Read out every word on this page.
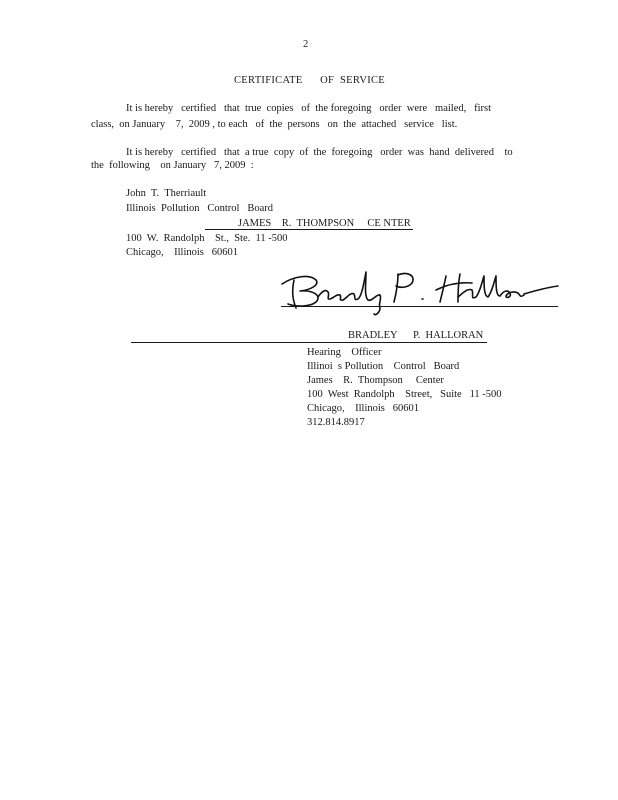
2
CERTIFICATE      OF  SERVICE
It is hereby   certified   that  true  copies   of  the foregoing   order  were   mailed,   first
class,  on January    7,  2009 , to each   of  the  persons   on  the  attached   service   list.
It is hereby   certified   that  a true  copy  of  the  foregoing   order  was  hand  delivered    to
the  following    on January   7, 2009  :
John  T.  Therriault
Illinois  Pollution   Control   Board
JAMES    R.  THOMPSON     CE NTER
100  W.  Randolph    St.,  Ste.  11 -500
Chicago,    Illinois   60601
BRADLEY      P.  HALLORAN
Hearing    Officer
Illinoi  s Pollution    Control   Board
James    R.  Thompson     Center
100  West  Randolph    Street,   Suite   11 -500
Chicago,    Illinois   60601
312.814.8917
